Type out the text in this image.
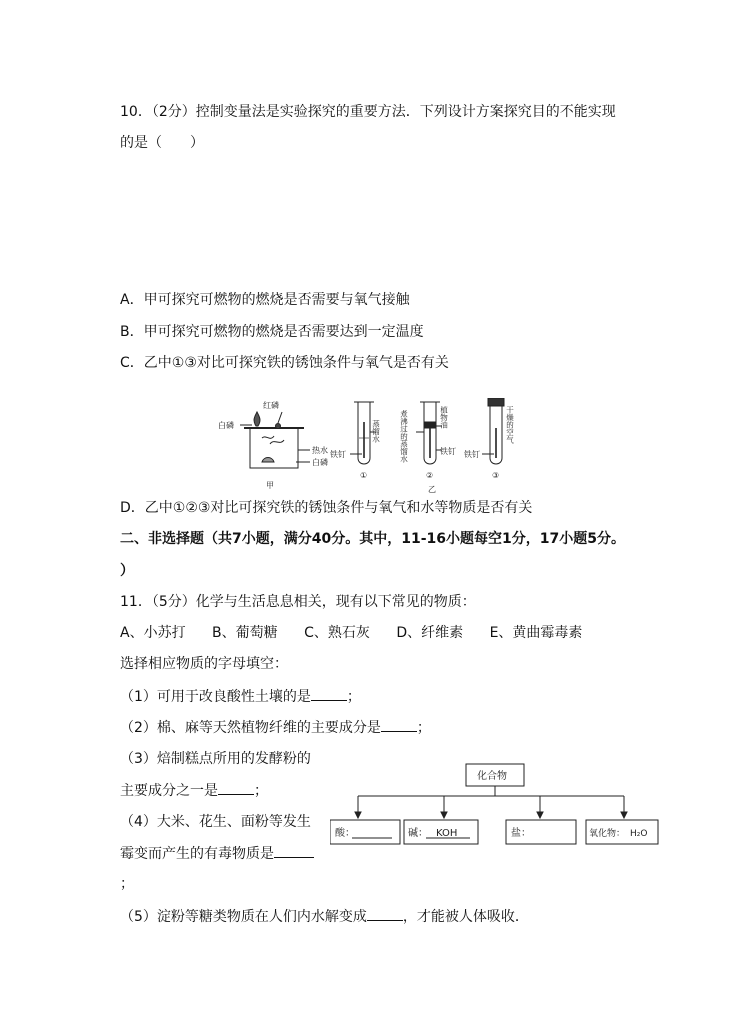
10．（2分）控制变量法是实验探究的重要方法．下列设计方案探究目的不能实现
的是（　　）
A．甲可探究可燃物的燃烧是否需要与氧气接触
B．甲可探究可燃物的燃烧是否需要达到一定温度
C．乙中①③对比可探究铁的锈蚀条件与氧气是否有关
白磷
红磷
热水
白磷
甲	乙
铁钉	铁钉 铁钉
①	②	③
蒸馏水	煮沸过的蒸馏水	植物油	干燥的空气
D．乙中①②③对比可探究铁的锈蚀条件与氧气和水等物质是否有关
二、非选择题（共7小题，满分40分。其中，11-16小题每空1分，17小题5分。
）
11．（5分）化学与生活息息相关，现有以下常见的物质：
A、小苏打 B、葡萄糖 C、熟石灰 D、纤维素 E、黄曲霉毒素
选择相应物质的字母填空：
（1）可用于改良酸性土壤的是	；
（2）棉、麻等天然植物纤维的主要成分是	；
（3）焙制糕点所用的发酵粉的
主要成分之一是	；
（4）大米、花生、面粉等发生
霉变而产生的有毒物质是
；
（5）淀粉等糖类物质在人们内水解变成	，才能被人体吸收．
化合物
酸：	碱： KOH	盐：	氧化物： H₂O
